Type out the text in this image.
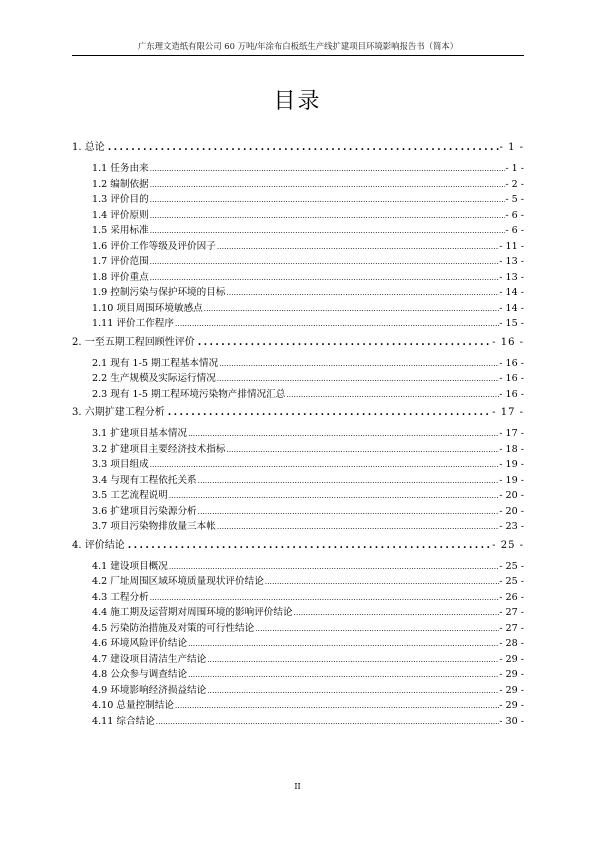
广东理文造纸有限公司 60 万吨/年涂布白板纸生产线扩建项目环境影响报告书（简本）
目录
1. 总论 .....	- 1 -
1.1 任务由来 .....	- 1 -
1.2 编制依据 .....	- 2 -
1.3 评价目的 .....	- 5 -
1.4 评价原则 .....	- 6 -
1.5 采用标准 .....	- 6 -
1.6 评价工作等级及评价因子 .....	- 11 -
1.7 评价范围 .....	- 13 -
1.8 评价重点 .....	- 13 -
1.9 控制污染与保护环境的目标 .....	- 14 -
1.10 项目周围环境敏感点 .....	- 14 -
1.11 评价工作程序 .....	- 15 -
2. 一至五期工程回顾性评价 .....	- 16 -
2.1 现有 1-5 期工程基本情况 .....	- 16 -
2.2 生产规模及实际运行情况 .....	- 16 -
2.3 现有 1-5 期工程环境污染物产排情况汇总 .....	- 16 -
3. 六期扩建工程分析 .....	- 17 -
3.1 扩建项目基本情况 .....	- 17 -
3.2 扩建项目主要经济技术指标 .....	- 18 -
3.3 项目组成 .....	- 19 -
3.4 与现有工程依托关系 .....	- 19 -
3.5 工艺流程说明 .....	- 20 -
3.6 扩建项目污染源分析 .....	- 20 -
3.7 项目污染物排放量三本帐 .....	- 23 -
4. 评价结论 .....	- 25 -
4.1 建设项目概况 .....	- 25 -
4.2 厂址周围区域环境质量现状评价结论 .....	- 25 -
4.3 工程分析 .....	- 26 -
4.4 施工期及运营期对周围环境的影响评价结论 .....	- 27 -
4.5 污染防治措施及对策的可行性结论 .....	- 27 -
4.6 环境风险评价结论 .....	- 28 -
4.7 建设项目清洁生产结论 .....	- 29 -
4.8 公众参与调查结论 .....	- 29 -
4.9 环境影响经济损益结论 .....	- 29 -
4.10 总量控制结论 .....	- 29 -
4.11 综合结论 .....	- 30 -
II
